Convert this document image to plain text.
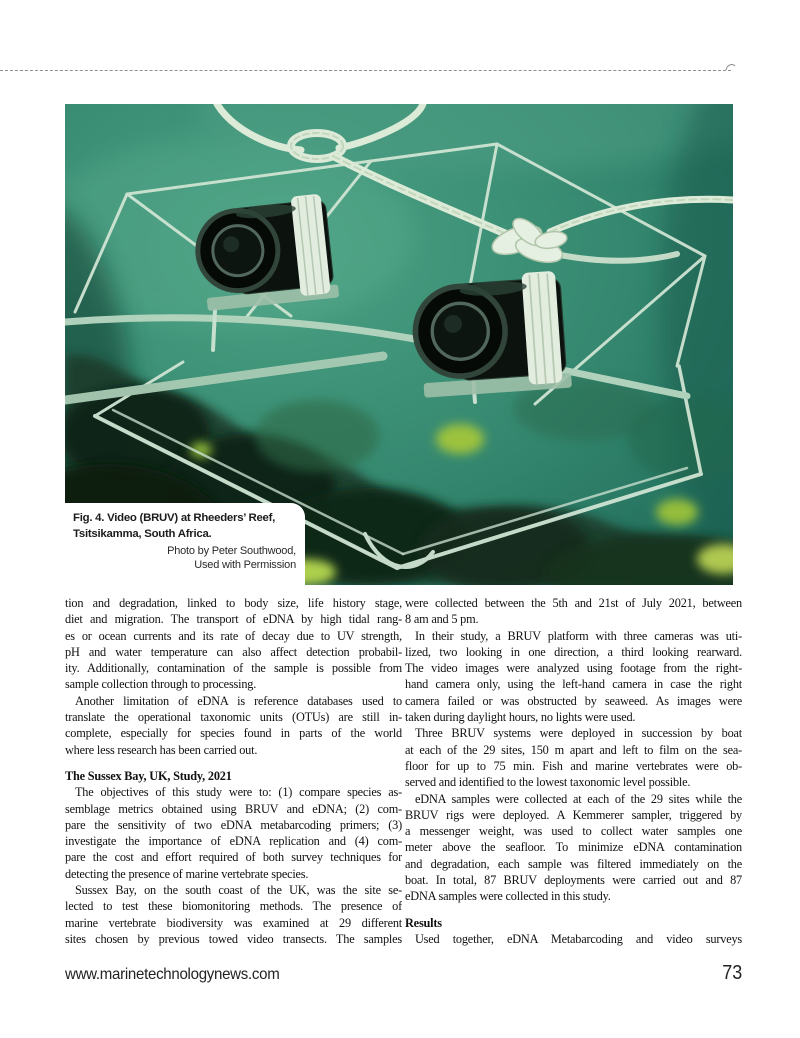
Fig. 4. Video (BRUV) at Rheeders’ Reef,
Tsitsikamma, South Africa.
Photo by Peter Southwood,
Used with Permission
tion and degradation, linked to body size, life history stage,
diet and migration. The transport of eDNA by high tidal rang-
es or ocean currents and its rate of decay due to UV strength,
pH and water temperature can also affect detection probabil-
ity. Additionally, contamination of the sample is possible from
sample collection through to processing.
Another limitation of eDNA is reference databases used to
translate the operational taxonomic units (OTUs) are still in-
complete, especially for species found in parts of the world
where less research has been carried out.
The Sussex Bay, UK, Study, 2021
The objectives of this study were to: (1) compare species as-
semblage metrics obtained using BRUV and eDNA; (2) com-
pare the sensitivity of two eDNA metabarcoding primers; (3)
investigate the importance of eDNA replication and (4) com-
pare the cost and effort required of both survey techniques for
detecting the presence of marine vertebrate species.
Sussex Bay, on the south coast of the UK, was the site se-
lected to test these biomonitoring methods. The presence of
marine vertebrate biodiversity was examined at 29 different
sites chosen by previous towed video transects. The samples
were collected between the 5th and 21st of July 2021, between
8 am and 5 pm.
In their study, a BRUV platform with three cameras was uti-
lized, two looking in one direction, a third looking rearward.
The video images were analyzed using footage from the right-
hand camera only, using the left-hand camera in case the right
camera failed or was obstructed by seaweed. As images were
taken during daylight hours, no lights were used.
Three BRUV systems were deployed in succession by boat
at each of the 29 sites, 150 m apart and left to film on the sea-
floor for up to 75 min. Fish and marine vertebrates were ob-
served and identified to the lowest taxonomic level possible.
eDNA samples were collected at each of the 29 sites while the
BRUV rigs were deployed. A Kemmerer sampler, triggered by
a messenger weight, was used to collect water samples one
meter above the seafloor. To minimize eDNA contamination
and degradation, each sample was filtered immediately on the
boat. In total, 87 BRUV deployments were carried out and 87
eDNA samples were collected in this study.
Results
Used together, eDNA Metabarcoding and video surveys
www.marinetechnologynews.com	73
